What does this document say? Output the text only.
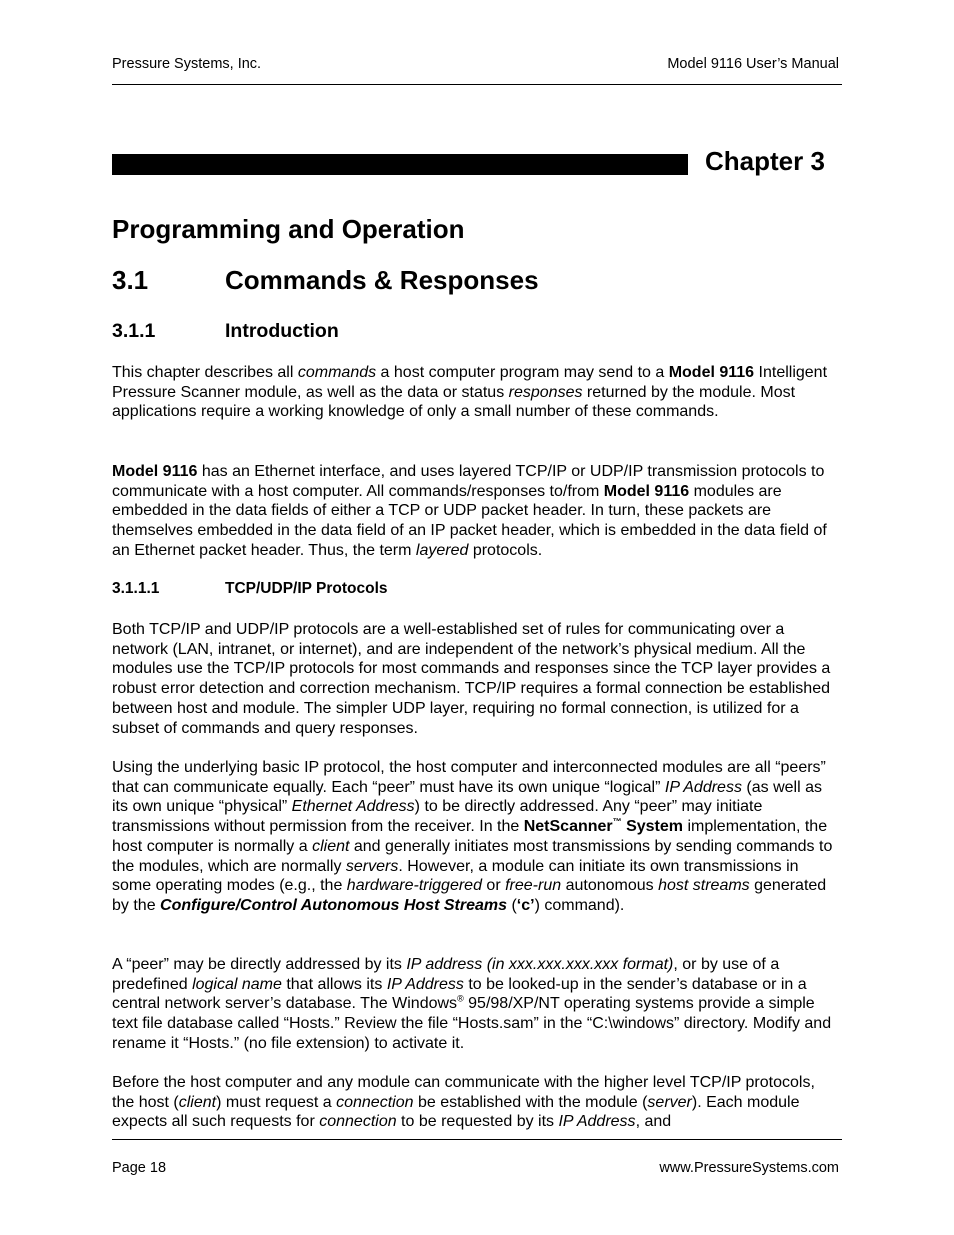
Pressure Systems, Inc.	Model 9116 User’s Manual
Chapter 3
Programming and Operation
3.1	Commands & Responses
3.1.1	Introduction

This chapter describes all commands a host computer program may send to a Model 9116 Intelligent Pressure Scanner module, as well as the data or status responses returned by the module. Most applications require a working knowledge of only a small number of these commands.

Model 9116 has an Ethernet interface, and uses layered TCP/IP or UDP/IP transmission protocols to communicate with a host computer. All commands/responses to/from Model 9116 modules are embedded in the data fields of either a TCP or UDP packet header. In turn, these packets are themselves embedded in the data field of an IP packet header, which is embedded in the data field of an Ethernet packet header. Thus, the term layered protocols.

3.1.1.1	TCP/UDP/IP Protocols

Both TCP/IP and UDP/IP protocols are a well-established set of rules for communicating over a network (LAN, intranet, or internet), and are independent of the network’s physical medium. All the modules use the TCP/IP protocols for most commands and responses since the TCP layer provides a robust error detection and correction mechanism. TCP/IP requires a formal connection be established between host and module. The simpler UDP layer, requiring no formal connection, is utilized for a subset of commands and query responses.

Using the underlying basic IP protocol, the host computer and interconnected modules are all “peers” that can communicate equally. Each “peer” must have its own unique “logical” IP Address (as well as its own unique “physical” Ethernet Address) to be directly addressed. Any “peer” may initiate transmissions without permission from the receiver. In the NetScanner™ System implementation, the host computer is normally a client and generally initiates most transmissions by sending commands to the modules, which are normally servers. However, a module can initiate its own transmissions in some operating modes (e.g., the hardware-triggered or free-run autonomous host streams generated by the Configure/Control Autonomous Host Streams (‘c’) command).

A “peer” may be directly addressed by its IP address (in xxx.xxx.xxx.xxx format), or by use of a predefined logical name that allows its IP Address to be looked-up in the sender’s database or in a central network server’s database. The Windows® 95/98/XP/NT operating systems provide a simple text file database called “Hosts.” Review the file “Hosts.sam” in the “C:\windows” directory. Modify and rename it “Hosts.” (no file extension) to activate it.

Before the host computer and any module can communicate with the higher level TCP/IP protocols, the host (client) must request a connection be established with the module (server). Each module expects all such requests for connection to be requested by its IP Address, and

Page 18	www.PressureSystems.com
